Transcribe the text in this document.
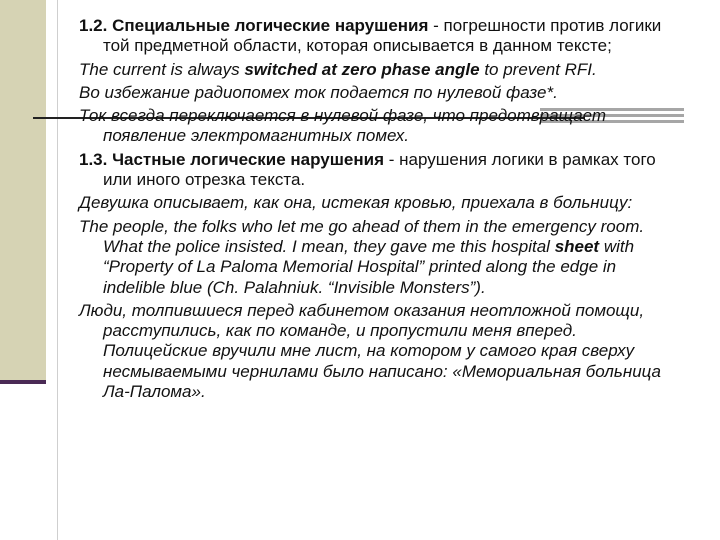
1.2. Специальные логические нарушения - погрешности против логики той предметной области, которая описывается в данном тексте;

The current is always switched at zero phase angle to prevent RFI.

Во избежание радиопомех ток подается по нулевой фазе*.

Ток всегда переключается в нулевой фазе, что предотвращает появление электромагнитных помех.

1.3. Частные логические нарушения - нарушения логики в рамках того или иного отрезка текста.

Девушка описывает, как она, истекая кровью, приехала в больницу:

The people, the folks who let me go ahead of them in the emergency room. What the police insisted. I mean, they gave me this hospital sheet with “Property of La Paloma Memorial Hospital” printed along the edge in indelible blue (Ch. Palahniuk. “Invisible Monsters”).

Люди, толпившиеся перед кабинетом оказания неотложной помощи, расступились, как по команде, и пропустили меня вперед. Полицейские вручили мне лист, на котором у самого края сверху несмываемыми чернилами было написано: «Мемориальная больница Ла-Палома».
